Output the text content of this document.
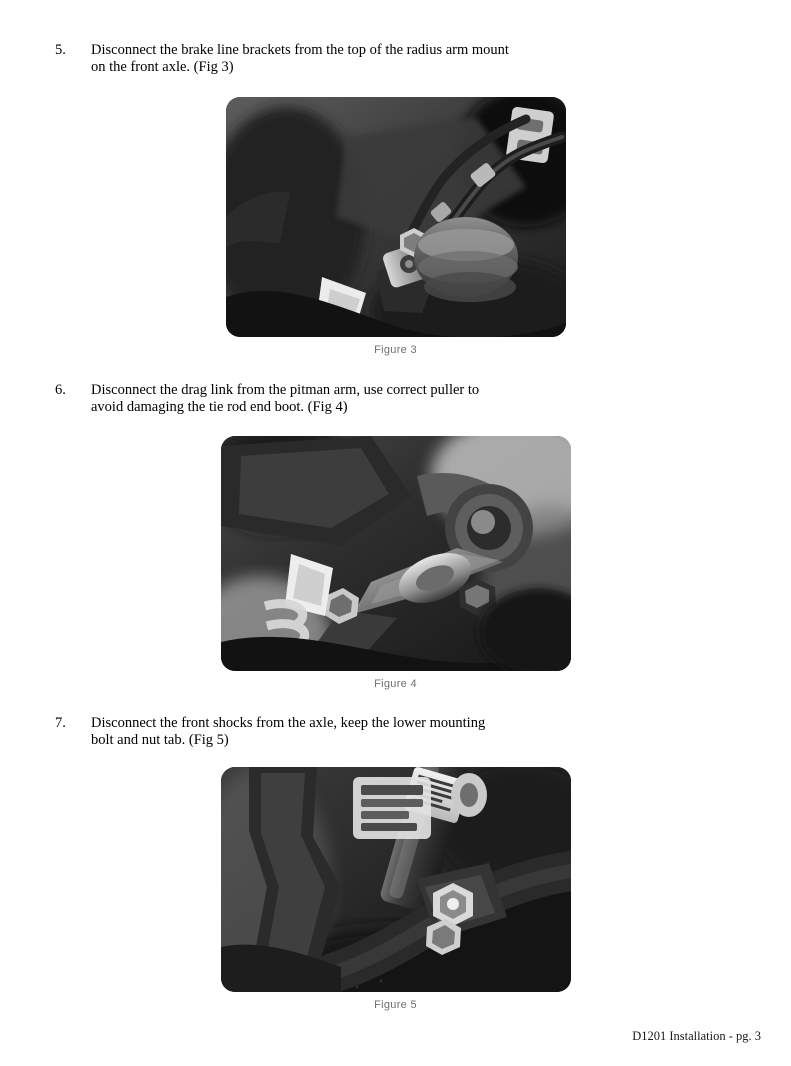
5.	Disconnect the brake line brackets from the top of the radius arm mount on the front axle. (Fig 3)
Figure 3
6.	Disconnect the drag link from the pitman arm, use correct puller to avoid damaging the tie rod end boot. (Fig 4)
Figure 4
7.	Disconnect the front shocks from the axle, keep the lower mounting bolt and nut tab. (Fig 5)
Figure 5
D1201 Installation - pg. 3
